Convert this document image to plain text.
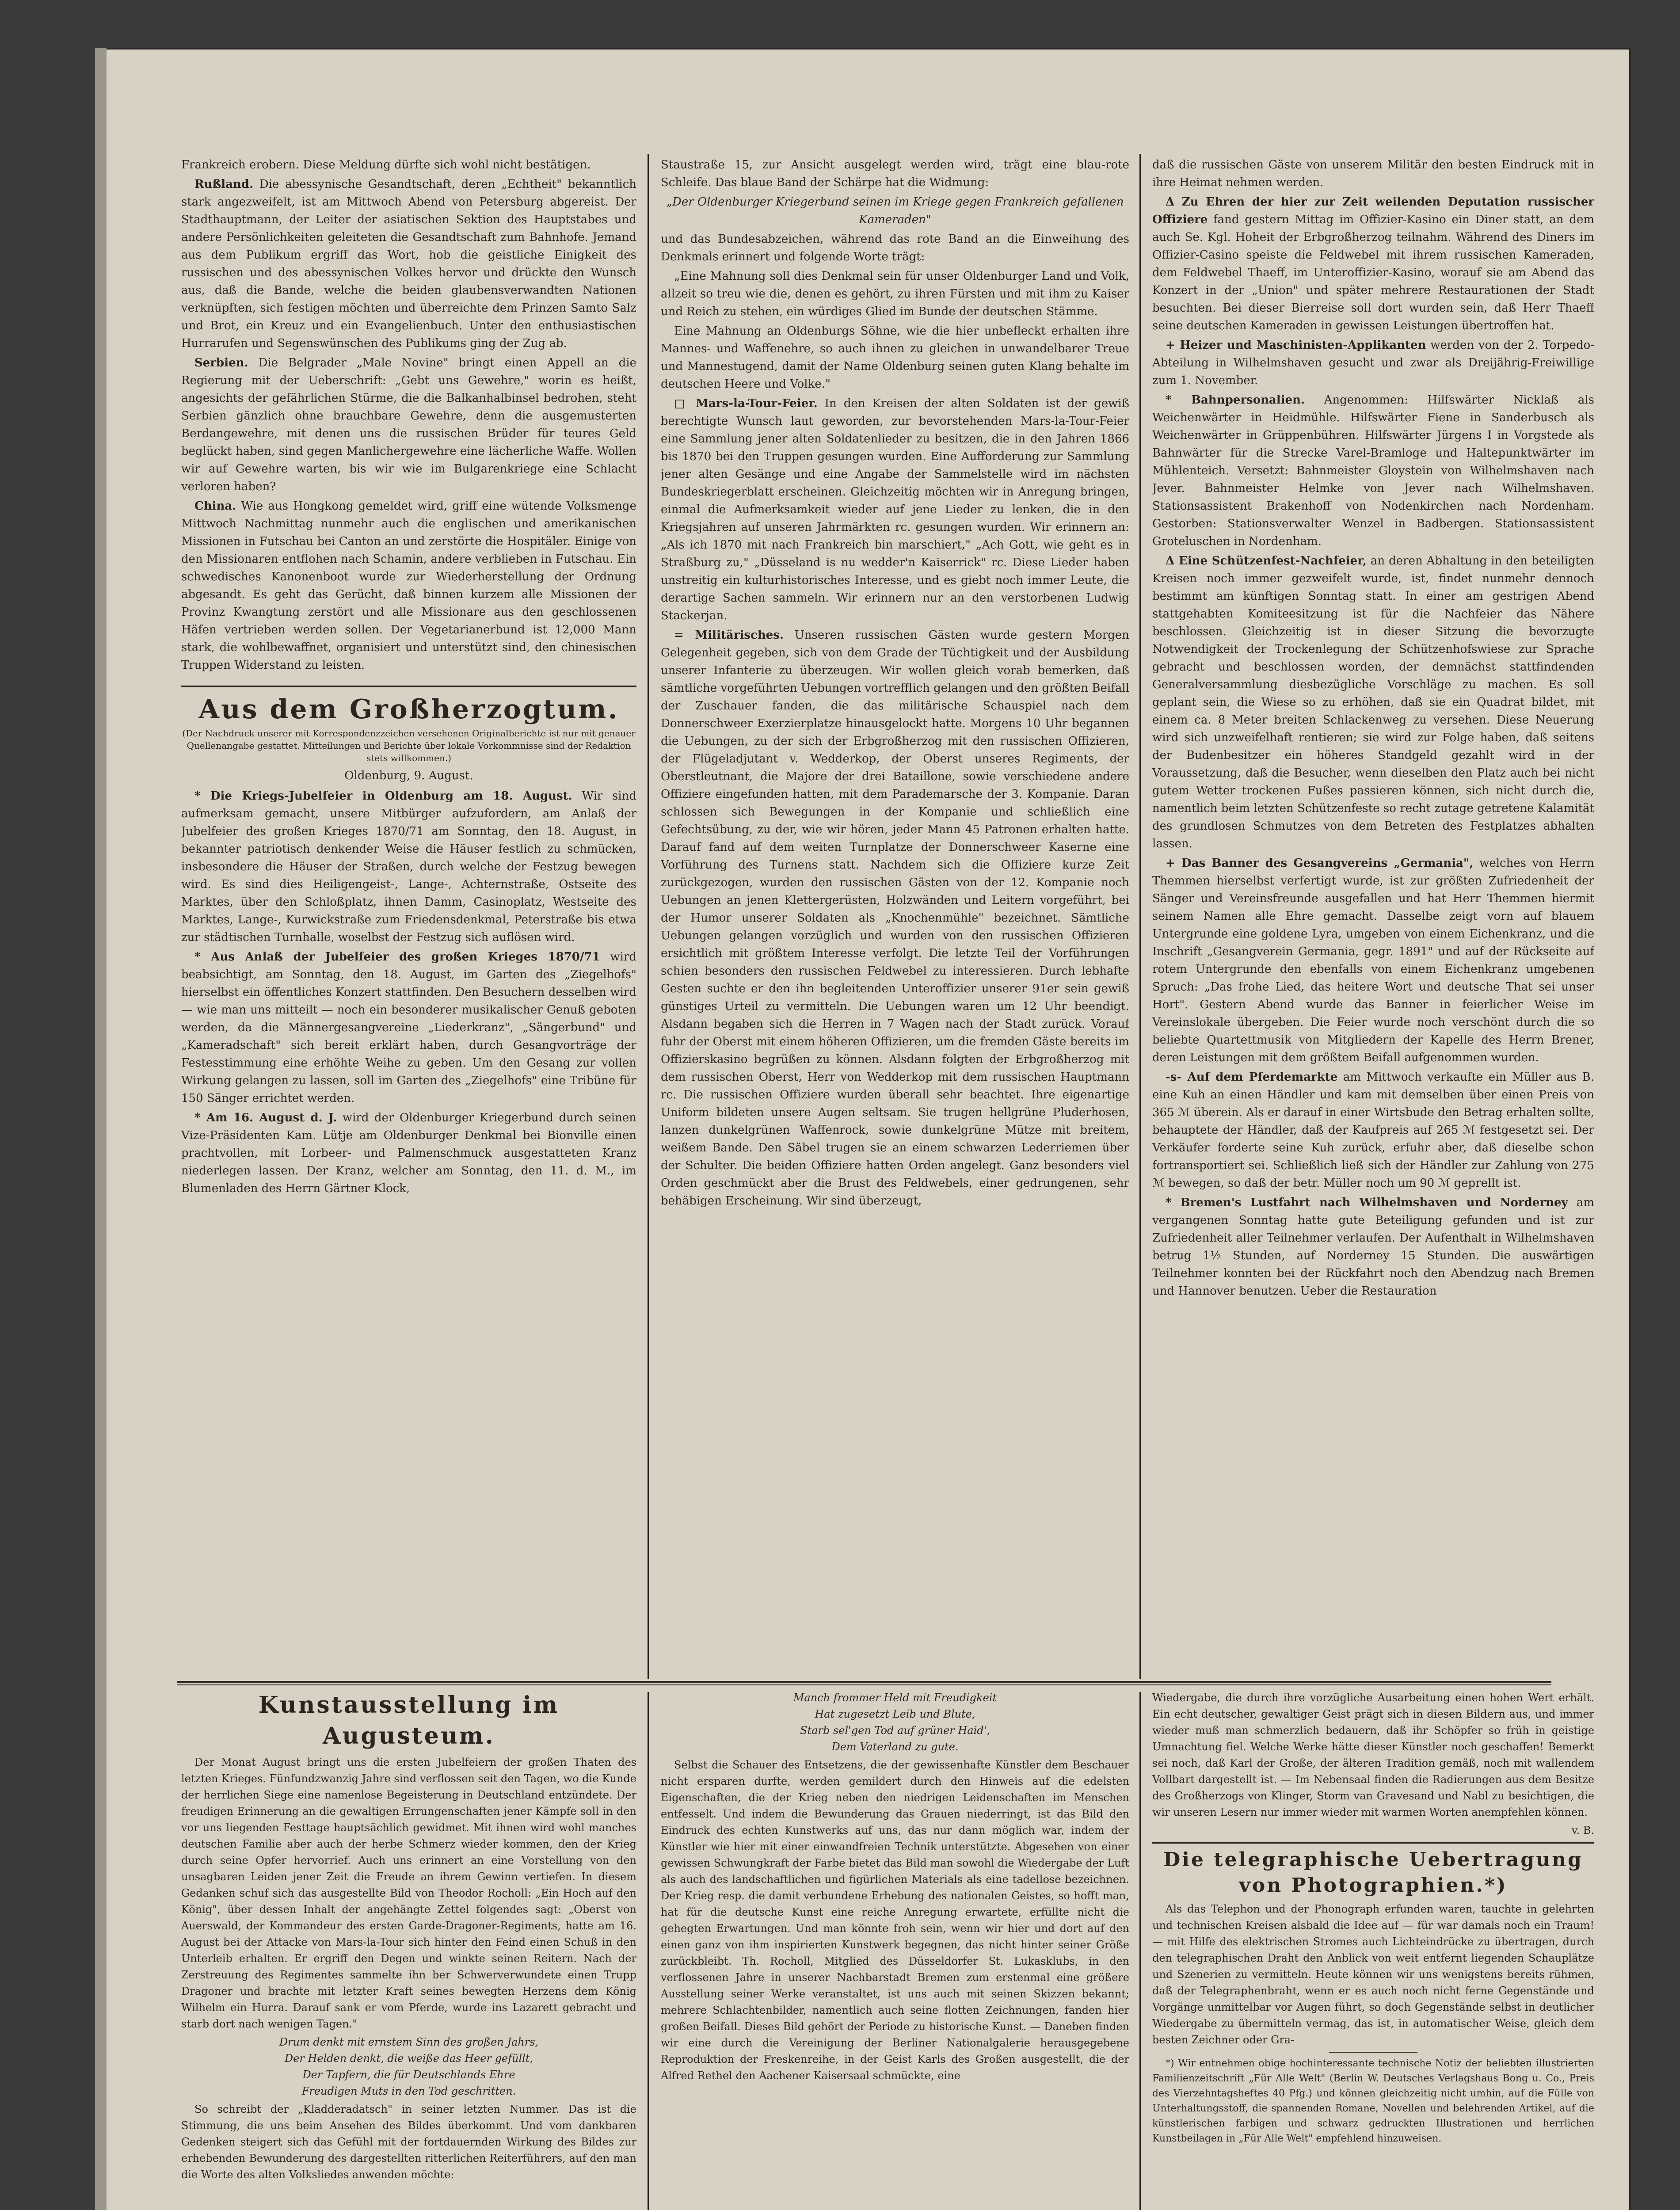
Frankreich erobern. Diese Meldung dürfte sich wohl nicht bestätigen.

Rußland. Die abessynische Gesandtschaft, deren „Echtheit" bekanntlich stark angezweifelt, ist am Mittwoch Abend von Petersburg abgereist. Der Stadthauptmann, der Leiter der asiatischen Sektion des Hauptstabes und andere Persönlichkeiten geleiteten die Gesandtschaft zum Bahnhofe. Jemand aus dem Publikum ergriff das Wort, hob die geistliche Einigkeit des russischen und des abessynischen Volkes hervor und drückte den Wunsch aus, daß die Bande, welche die beiden glaubensverwandten Nationen verknüpften, sich festigen möchten und überreichte dem Prinzen Samto Salz und Brot, ein Kreuz und ein Evangelienbuch. Unter den enthusiastischen Hurrarufen und Segenswünschen des Publikums ging der Zug ab.

Serbien. Die Belgrader „Male Novine" bringt einen Appell an die Regierung mit der Ueberschrift: „Gebt uns Gewehre," worin es heißt, angesichts der gefährlichen Stürme, die die Balkanhalbinsel bedrohen, steht Serbien gänzlich ohne brauchbare Gewehre, denn die ausgemusterten Berdangewehre, mit denen uns die russischen Brüder für teures Geld beglückt haben, sind gegen Manlichergewehre eine lächerliche Waffe. Wollen wir auf Gewehre warten, bis wir wie im Bulgarenkriege eine Schlacht verloren haben?

China. Wie aus Hongkong gemeldet wird, griff eine wütende Volksmenge Mittwoch Nachmittag nunmehr auch die englischen und amerikanischen Missionen in Futschau bei Canton an und zerstörte die Hospitäler. Einige von den Missionaren entflohen nach Schamin, andere verblieben in Futschau. Ein schwedisches Kanonenboot wurde zur Wiederherstellung der Ordnung abgesandt. Es geht das Gerücht, daß binnen kurzem alle Missionen der Provinz Kwangtung zerstört und alle Missionare aus den geschlossenen Häfen vertrieben werden sollen. Der Vegetarianerbund ist 12,000 Mann stark, die wohlbewaffnet, organisiert und unterstützt sind, den chinesischen Truppen Widerstand zu leisten.

Aus dem Großherzogtum.
(Der Nachdruck unserer mit Korrespondenzzeichen versehenen Originalberichte ist nur mit genauer Quellenangabe gestattet. Mitteilungen und Berichte über lokale Vorkommnisse sind der Redaktion stets willkommen.)

Oldenburg, 9. August.

* Die Kriegs-Jubelfeier in Oldenburg am 18. August. Wir sind aufmerksam gemacht, unsere Mitbürger aufzufordern, am Anlaß der Jubelfeier des großen Krieges 1870/71 am Sonntag, den 18. August, in bekannter patriotisch denkender Weise die Häuser festlich zu schmücken, insbesondere die Häuser der Straßen, durch welche der Festzug bewegen wird. Es sind dies Heiligengeist-, Lange-, Achternstraße, Ostseite des Marktes, über den Schloßplatz, ihnen Damm, Casinoplatz, Westseite des Marktes, Lange-, Kurwickstraße zum Friedensdenkmal, Peterstraße bis etwa zur städtischen Turnhalle, woselbst der Festzug sich auflösen wird.

* Aus Anlaß der Jubelfeier des großen Krieges 1870/71 wird beabsichtigt, am Sonntag, den 18. August, im Garten des „Ziegelhofs" hierselbst ein öffentliches Konzert stattfinden. Den Besuchern desselben wird — wie man uns mitteilt — noch ein besonderer musikalischer Genuß geboten werden, da die Männergesangvereine „Liederkranz", „Sängerbund" und „Kameradschaft" sich bereit erklärt haben, durch Gesangvorträge der Festesstimmung eine erhöhte Weihe zu geben. Um den Gesang zur vollen Wirkung gelangen zu lassen, soll im Garten des „Ziegelhofs" eine Tribüne für 150 Sänger errichtet werden.

* Am 16. August d. J. wird der Oldenburger Kriegerbund durch seinen Vize-Präsidenten Kam. Lütje am Oldenburger Denkmal bei Bionville einen prachtvollen, mit Lorbeer- und Palmenschmuck ausgestatteten Kranz niederlegen lassen. Der Kranz, welcher am Sonntag, den 11. d. M., im Blumenladen des Herrn Gärtner Klock,

Staustraße 15, zur Ansicht ausgelegt werden wird, trägt eine blau-rote Schleife. Das blaue Band der Schärpe hat die Widmung:

„Der Oldenburger Kriegerbund seinen im Kriege gegen Frankreich gefallenen Kameraden"

und das Bundesabzeichen, während das rote Band an die Einweihung des Denkmals erinnert und folgende Worte trägt:

„Eine Mahnung soll dies Denkmal sein für unser Oldenburger Land und Volk, allzeit so treu wie die, denen es gehört, zu ihren Fürsten und mit ihm zu Kaiser und Reich zu stehen, ein würdiges Glied im Bunde der deutschen Stämme.

Eine Mahnung an Oldenburgs Söhne, wie die hier unbefleckt erhalten ihre Mannes- und Waffenehre, so auch ihnen zu gleichen in unwandelbarer Treue und Mannestugend, damit der Name Oldenburg seinen guten Klang behalte im deutschen Heere und Volke."

□ Mars-la-Tour-Feier. In den Kreisen der alten Soldaten ist der gewiß berechtigte Wunsch laut geworden, zur bevorstehenden Mars-la-Tour-Feier eine Sammlung jener alten Soldatenlieder zu besitzen, die in den Jahren 1866 bis 1870 bei den Truppen gesungen wurden. Eine Aufforderung zur Sammlung jener alten Gesänge und eine Angabe der Sammelstelle wird im nächsten Bundeskriegerblatt erscheinen. Gleichzeitig möchten wir in Anregung bringen, einmal die Aufmerksamkeit wieder auf jene Lieder zu lenken, die in den Kriegsjahren auf unseren Jahrmärkten rc. gesungen wurden. Wir erinnern an: „Als ich 1870 mit nach Frankreich bin marschiert," „Ach Gott, wie geht es in Straßburg zu," „Düsseland is nu wedder'n Kaiserrick" rc. Diese Lieder haben unstreitig ein kulturhistorisches Interesse, und es giebt noch immer Leute, die derartige Sachen sammeln. Wir erinnern nur an den verstorbenen Ludwig Stackerjan.

= Militärisches. Unseren russischen Gästen wurde gestern Morgen Gelegenheit gegeben, sich von dem Grade der Tüchtigkeit und der Ausbildung unserer Infanterie zu überzeugen. Wir wollen gleich vorab bemerken, daß sämtliche vorgeführten Uebungen vortrefflich gelangen und den größten Beifall der Zuschauer fanden, die das militärische Schauspiel nach dem Donnerschweer Exerzierplatze hinausgelockt hatte. Morgens 10 Uhr begannen die Uebungen, zu der sich der Erbgroßherzog mit den russischen Offizieren, der Flügeladjutant v. Wedderkop, der Oberst unseres Regiments, der Oberstleutnant, die Majore der drei Bataillone, sowie verschiedene andere Offiziere eingefunden hatten, mit dem Parademarsche der 3. Kompanie. Daran schlossen sich Bewegungen in der Kompanie und schließlich eine Gefechtsübung, zu der, wie wir hören, jeder Mann 45 Patronen erhalten hatte. Darauf fand auf dem weiten Turnplatze der Donnerschweer Kaserne eine Vorführung des Turnens statt. Nachdem sich die Offiziere kurze Zeit zurückgezogen, wurden den russischen Gästen von der 12. Kompanie noch Uebungen an jenen Klettergerüsten, Holzwänden und Leitern vorgeführt, bei der Humor unserer Soldaten als „Knochenmühle" bezeichnet. Sämtliche Uebungen gelangen vorzüglich und wurden von den russischen Offizieren ersichtlich mit größtem Interesse verfolgt. Die letzte Teil der Vorführungen schien besonders den russischen Feldwebel zu interessieren. Durch lebhafte Gesten suchte er den ihn begleitenden Unteroffizier unserer 91er sein gewiß günstiges Urteil zu vermitteln. Die Uebungen waren um 12 Uhr beendigt. Alsdann begaben sich die Herren in 7 Wagen nach der Stadt zurück. Vorauf fuhr der Oberst mit einem höheren Offizieren, um die fremden Gäste bereits im Offizierskasino begrüßen zu können. Alsdann folgten der Erbgroßherzog mit dem russischen Oberst, Herr von Wedderkop mit dem russischen Hauptmann rc. Die russischen Offiziere wurden überall sehr beachtet. Ihre eigenartige Uniform bildeten unsere Augen seltsam. Sie trugen hellgrüne Pluderhosen, lanzen dunkelgrünen Waffenrock, sowie dunkelgrüne Mütze mit breitem, weißem Bande. Den Säbel trugen sie an einem schwarzen Lederriemen über der Schulter. Die beiden Offiziere hatten Orden angelegt. Ganz besonders viel Orden geschmückt aber die Brust des Feldwebels, einer gedrungenen, sehr behäbigen Erscheinung. Wir sind überzeugt,

daß die russischen Gäste von unserem Militär den besten Eindruck mit in ihre Heimat nehmen werden.

Δ Zu Ehren der hier zur Zeit weilenden Deputation russischer Offiziere fand gestern Mittag im Offizier-Kasino ein Diner statt, an dem auch Se. Kgl. Hoheit der Erbgroßherzog teilnahm. Während des Diners im Offizier-Casino speiste die Feldwebel mit ihrem russischen Kameraden, dem Feldwebel Thaeff, im Unteroffizier-Kasino, worauf sie am Abend das Konzert in der „Union" und später mehrere Restaurationen der Stadt besuchten. Bei dieser Bierreise soll dort wurden sein, daß Herr Thaeff seine deutschen Kameraden in gewissen Leistungen übertroffen hat.

+ Heizer und Maschinisten-Applikanten werden von der 2. Torpedo-Abteilung in Wilhelmshaven gesucht und zwar als Dreijährig-Freiwillige zum 1. November.

* Bahnpersonalien. Angenommen: Hilfswärter Nicklaß als Weichenwärter in Heidmühle. Hilfswärter Fiene in Sanderbusch als Weichenwärter in Grüppenbühren. Hilfswärter Jürgens I in Vorgstede als Bahnwärter für die Strecke Varel-Bramloge und Haltepunktwärter im Mühlenteich. Versetzt: Bahnmeister Gloystein von Wilhelmshaven nach Jever. Bahnmeister Helmke von Jever nach Wilhelmshaven. Stationsassistent Brakenhoff von Nodenkirchen nach Nordenham. Gestorben: Stationsverwalter Wenzel in Badbergen. Stationsassistent Groteluschen in Nordenham.

Δ Eine Schützenfest-Nachfeier, an deren Abhaltung in den beteiligten Kreisen noch immer gezweifelt wurde, ist, findet nunmehr dennoch bestimmt am künftigen Sonntag statt. In einer am gestrigen Abend stattgehabten Komiteesitzung ist für die Nachfeier das Nähere beschlossen. Gleichzeitig ist in dieser Sitzung die bevorzugte Notwendigkeit der Trockenlegung der Schützenhofswiese zur Sprache gebracht und beschlossen worden, der demnächst stattfindenden Generalversammlung diesbezügliche Vorschläge zu machen. Es soll geplant sein, die Wiese so zu erhöhen, daß sie ein Quadrat bildet, mit einem ca. 8 Meter breiten Schlackenweg zu versehen. Diese Neuerung wird sich unzweifelhaft rentieren; sie wird zur Folge haben, daß seitens der Budenbesitzer ein höheres Standgeld gezahlt wird in der Voraussetzung, daß die Besucher, wenn dieselben den Platz auch bei nicht gutem Wetter trockenen Fußes passieren können, sich nicht durch die, namentlich beim letzten Schützenfeste so recht zutage getretene Kalamität des grundlosen Schmutzes von dem Betreten des Festplatzes abhalten lassen.

+ Das Banner des Gesangvereins „Germania", welches von Herrn Themmen hierselbst verfertigt wurde, ist zur größten Zufriedenheit der Sänger und Vereinsfreunde ausgefallen und hat Herr Themmen hiermit seinem Namen alle Ehre gemacht. Dasselbe zeigt vorn auf blauem Untergrunde eine goldene Lyra, umgeben von einem Eichenkranz, und die Inschrift „Gesangverein Germania, gegr. 1891" und auf der Rückseite auf rotem Untergrunde den ebenfalls von einem Eichenkranz umgebenen Spruch: „Das frohe Lied, das heitere Wort und deutsche That sei unser Hort". Gestern Abend wurde das Banner in feierlicher Weise im Vereinslokale übergeben. Die Feier wurde noch verschönt durch die so beliebte Quartettmusik von Mitgliedern der Kapelle des Herrn Brener, deren Leistungen mit dem größtem Beifall aufgenommen wurden.

-s- Auf dem Pferdemarkte am Mittwoch verkaufte ein Müller aus B. eine Kuh an einen Händler und kam mit demselben über einen Preis von 365 ℳ überein. Als er darauf in einer Wirtsbude den Betrag erhalten sollte, behauptete der Händler, daß der Kaufpreis auf 265 ℳ festgesetzt sei. Der Verkäufer forderte seine Kuh zurück, erfuhr aber, daß dieselbe schon fortransportiert sei. Schließlich ließ sich der Händler zur Zahlung von 275 ℳ bewegen, so daß der betr. Müller noch um 90 ℳ geprellt ist.

* Bremen's Lustfahrt nach Wilhelmshaven und Norderney am vergangenen Sonntag hatte gute Beteiligung gefunden und ist zur Zufriedenheit aller Teilnehmer verlaufen. Der Aufenthalt in Wilhelmshaven betrug 1½ Stunden, auf Norderney 15 Stunden. Die auswärtigen Teilnehmer konnten bei der Rückfahrt noch den Abendzug nach Bremen und Hannover benutzen. Ueber die Restauration

Kunstausstellung im Augusteum.

Der Monat August bringt uns die ersten Jubelfeiern der großen Thaten des letzten Krieges. Fünfundzwanzig Jahre sind verflossen seit den Tagen, wo die Kunde der herrlichen Siege eine namenlose Begeisterung in Deutschland entzündete. Der freudigen Erinnerung an die gewaltigen Errungenschaften jener Kämpfe soll in den vor uns liegenden Festtage hauptsächlich gewidmet. Mit ihnen wird wohl manches deutschen Familie aber auch der herbe Schmerz wieder kommen, den der Krieg durch seine Opfer hervorrief. Auch uns erinnert an eine Vorstellung von den unsagbaren Leiden jener Zeit die Freude an ihrem Gewinn vertiefen. In diesem Gedanken schuf sich das ausgestellte Bild von Theodor Rocholl: „Ein Hoch auf den König", über dessen Inhalt der angehängte Zettel folgendes sagt: „Oberst von Auerswald, der Kommandeur des ersten Garde-Dragoner-Regiments, hatte am 16. August bei der Attacke von Mars-la-Tour sich hinter den Feind einen Schuß in den Unterleib erhalten. Er ergriff den Degen und winkte seinen Reitern. Nach der Zerstreuung des Regimentes sammelte ihn ber Schwerverwundete einen Trupp Dragoner und brachte mit letzter Kraft seines bewegten Herzens dem König Wilhelm ein Hurra. Darauf sank er vom Pferde, wurde ins Lazarett gebracht und starb dort nach wenigen Tagen."

Drum denkt mit ernstem Sinn des großen Jahrs,
Der Helden denkt, die weiße das Heer gefüllt,
Der Tapfern, die für Deutschlands Ehre
Freudigen Muts in den Tod geschritten.

So schreibt der „Kladderadatsch" in seiner letzten Nummer. Das ist die Stimmung, die uns beim Ansehen des Bildes überkommt. Und vom dankbaren Gedenken steigert sich das Gefühl mit der fortdauernden Wirkung des Bildes zur erhebenden Bewunderung des dargestellten ritterlichen Reiterführers, auf den man die Worte des alten Volksliedes anwenden möchte:

Manch frommer Held mit Freudigkeit
Hat zugesetzt Leib und Blute,
Starb sel'gen Tod auf grüner Haid',
Dem Vaterland zu gute.

Selbst die Schauer des Entsetzens, die der gewissenhafte Künstler dem Beschauer nicht ersparen durfte, werden gemildert durch den Hinweis auf die edelsten Eigenschaften, die der Krieg neben den niedrigen Leidenschaften im Menschen entfesselt. Und indem die Bewunderung das Grauen niederringt, ist das Bild den Eindruck des echten Kunstwerks auf uns, das nur dann möglich war, indem der Künstler wie hier mit einer einwandfreien Technik unterstützte. Abgesehen von einer gewissen Schwungkraft der Farbe bietet das Bild man sowohl die Wiedergabe der Luft als auch des landschaftlichen und figürlichen Materials als eine tadellose bezeichnen. Der Krieg resp. die damit verbundene Erhebung des nationalen Geistes, so hofft man, hat für die deutsche Kunst eine reiche Anregung erwartete, erfüllte nicht die gehegten Erwartungen. Und man könnte froh sein, wenn wir hier und dort auf den einen ganz von ihm inspirierten Kunstwerk begegnen, das nicht hinter seiner Größe zurückbleibt. Th. Rocholl, Mitglied des Düsseldorfer St. Lukasklubs, in den verflossenen Jahre in unserer Nachbarstadt Bremen zum erstenmal eine größere Ausstellung seiner Werke veranstaltet, ist uns auch mit seinen Skizzen bekannt; mehrere Schlachtenbilder, namentlich auch seine flotten Zeichnungen, fanden hier großen Beifall. Dieses Bild gehört der Periode zu historische Kunst. — Daneben finden wir eine durch die Vereinigung der Berliner Nationalgalerie herausgegebene Reproduktion der Freskenreihe, in der Geist Karls des Großen ausgestellt, die der Alfred Rethel den Aachener Kaisersaal schmückte, eine

Wiedergabe, die durch ihre vorzügliche Ausarbeitung einen hohen Wert erhält. Ein echt deutscher, gewaltiger Geist prägt sich in diesen Bildern aus, und immer wieder muß man schmerzlich bedauern, daß ihr Schöpfer so früh in geistige Umnachtung fiel. Welche Werke hätte dieser Künstler noch geschaffen! Bemerkt sei noch, daß Karl der Große, der älteren Tradition gemäß, noch mit wallendem Vollbart dargestellt ist. — Im Nebensaal finden die Radierungen aus dem Besitze des Großherzogs von Klinger, Storm van Gravesand und Nabl zu besichtigen, die wir unseren Lesern nur immer wieder mit warmen Worten anempfehlen können.

v. B.

Die telegraphische Uebertragung
von Photographien.*)

Als das Telephon und der Phonograph erfunden waren, tauchte in gelehrten und technischen Kreisen alsbald die Idee auf — für war damals noch ein Traum! — mit Hilfe des elektrischen Stromes auch Lichteindrücke zu übertragen, durch den telegraphischen Draht den Anblick von weit entfernt liegenden Schauplätze und Szenerien zu vermitteln. Heute können wir uns wenigstens bereits rühmen, daß der Telegraphenbraht, wenn er es auch noch nicht ferne Gegenstände und Vorgänge unmittelbar vor Augen führt, so doch Gegenstände selbst in deutlicher Wiedergabe zu übermitteln vermag, das ist, in automatischer Weise, gleich dem besten Zeichner oder Gra-

*) Wir entnehmen obige hochinteressante technische Notiz der beliebten illustrierten Familienzeitschrift „Für Alle Welt" (Berlin W. Deutsches Verlagshaus Bong u. Co., Preis des Vierzehntagsheftes 40 Pfg.) und können gleichzeitig nicht umhin, auf die Fülle von Unterhaltungsstoff, die spannenden Romane, Novellen und belehrenden Artikel, auf die künstlerischen farbigen und schwarz gedruckten Illustrationen und herrlichen Kunstbeilagen in „Für Alle Welt" empfehlend hinzuweisen.
